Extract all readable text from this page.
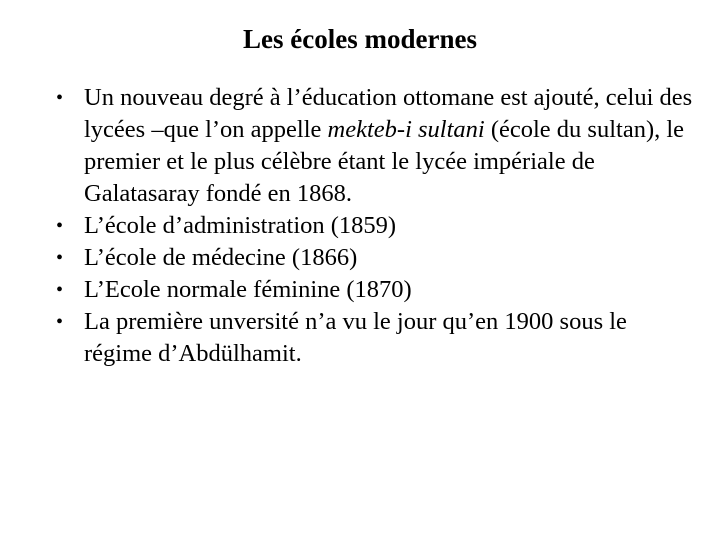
Les écoles modernes
• Un nouveau degré à l’éducation ottomane est ajouté, celui des lycées –que l’on appelle mekteb-i sultani (école du sultan), le premier et le plus célèbre étant le lycée impériale de Galatasaray fondé en 1868.
• L’école d’administration (1859)
• L’école de médecine (1866)
• L’Ecole normale féminine (1870)
• La première unversité n’a vu le jour qu’en 1900 sous le régime d’Abdülhamit.
